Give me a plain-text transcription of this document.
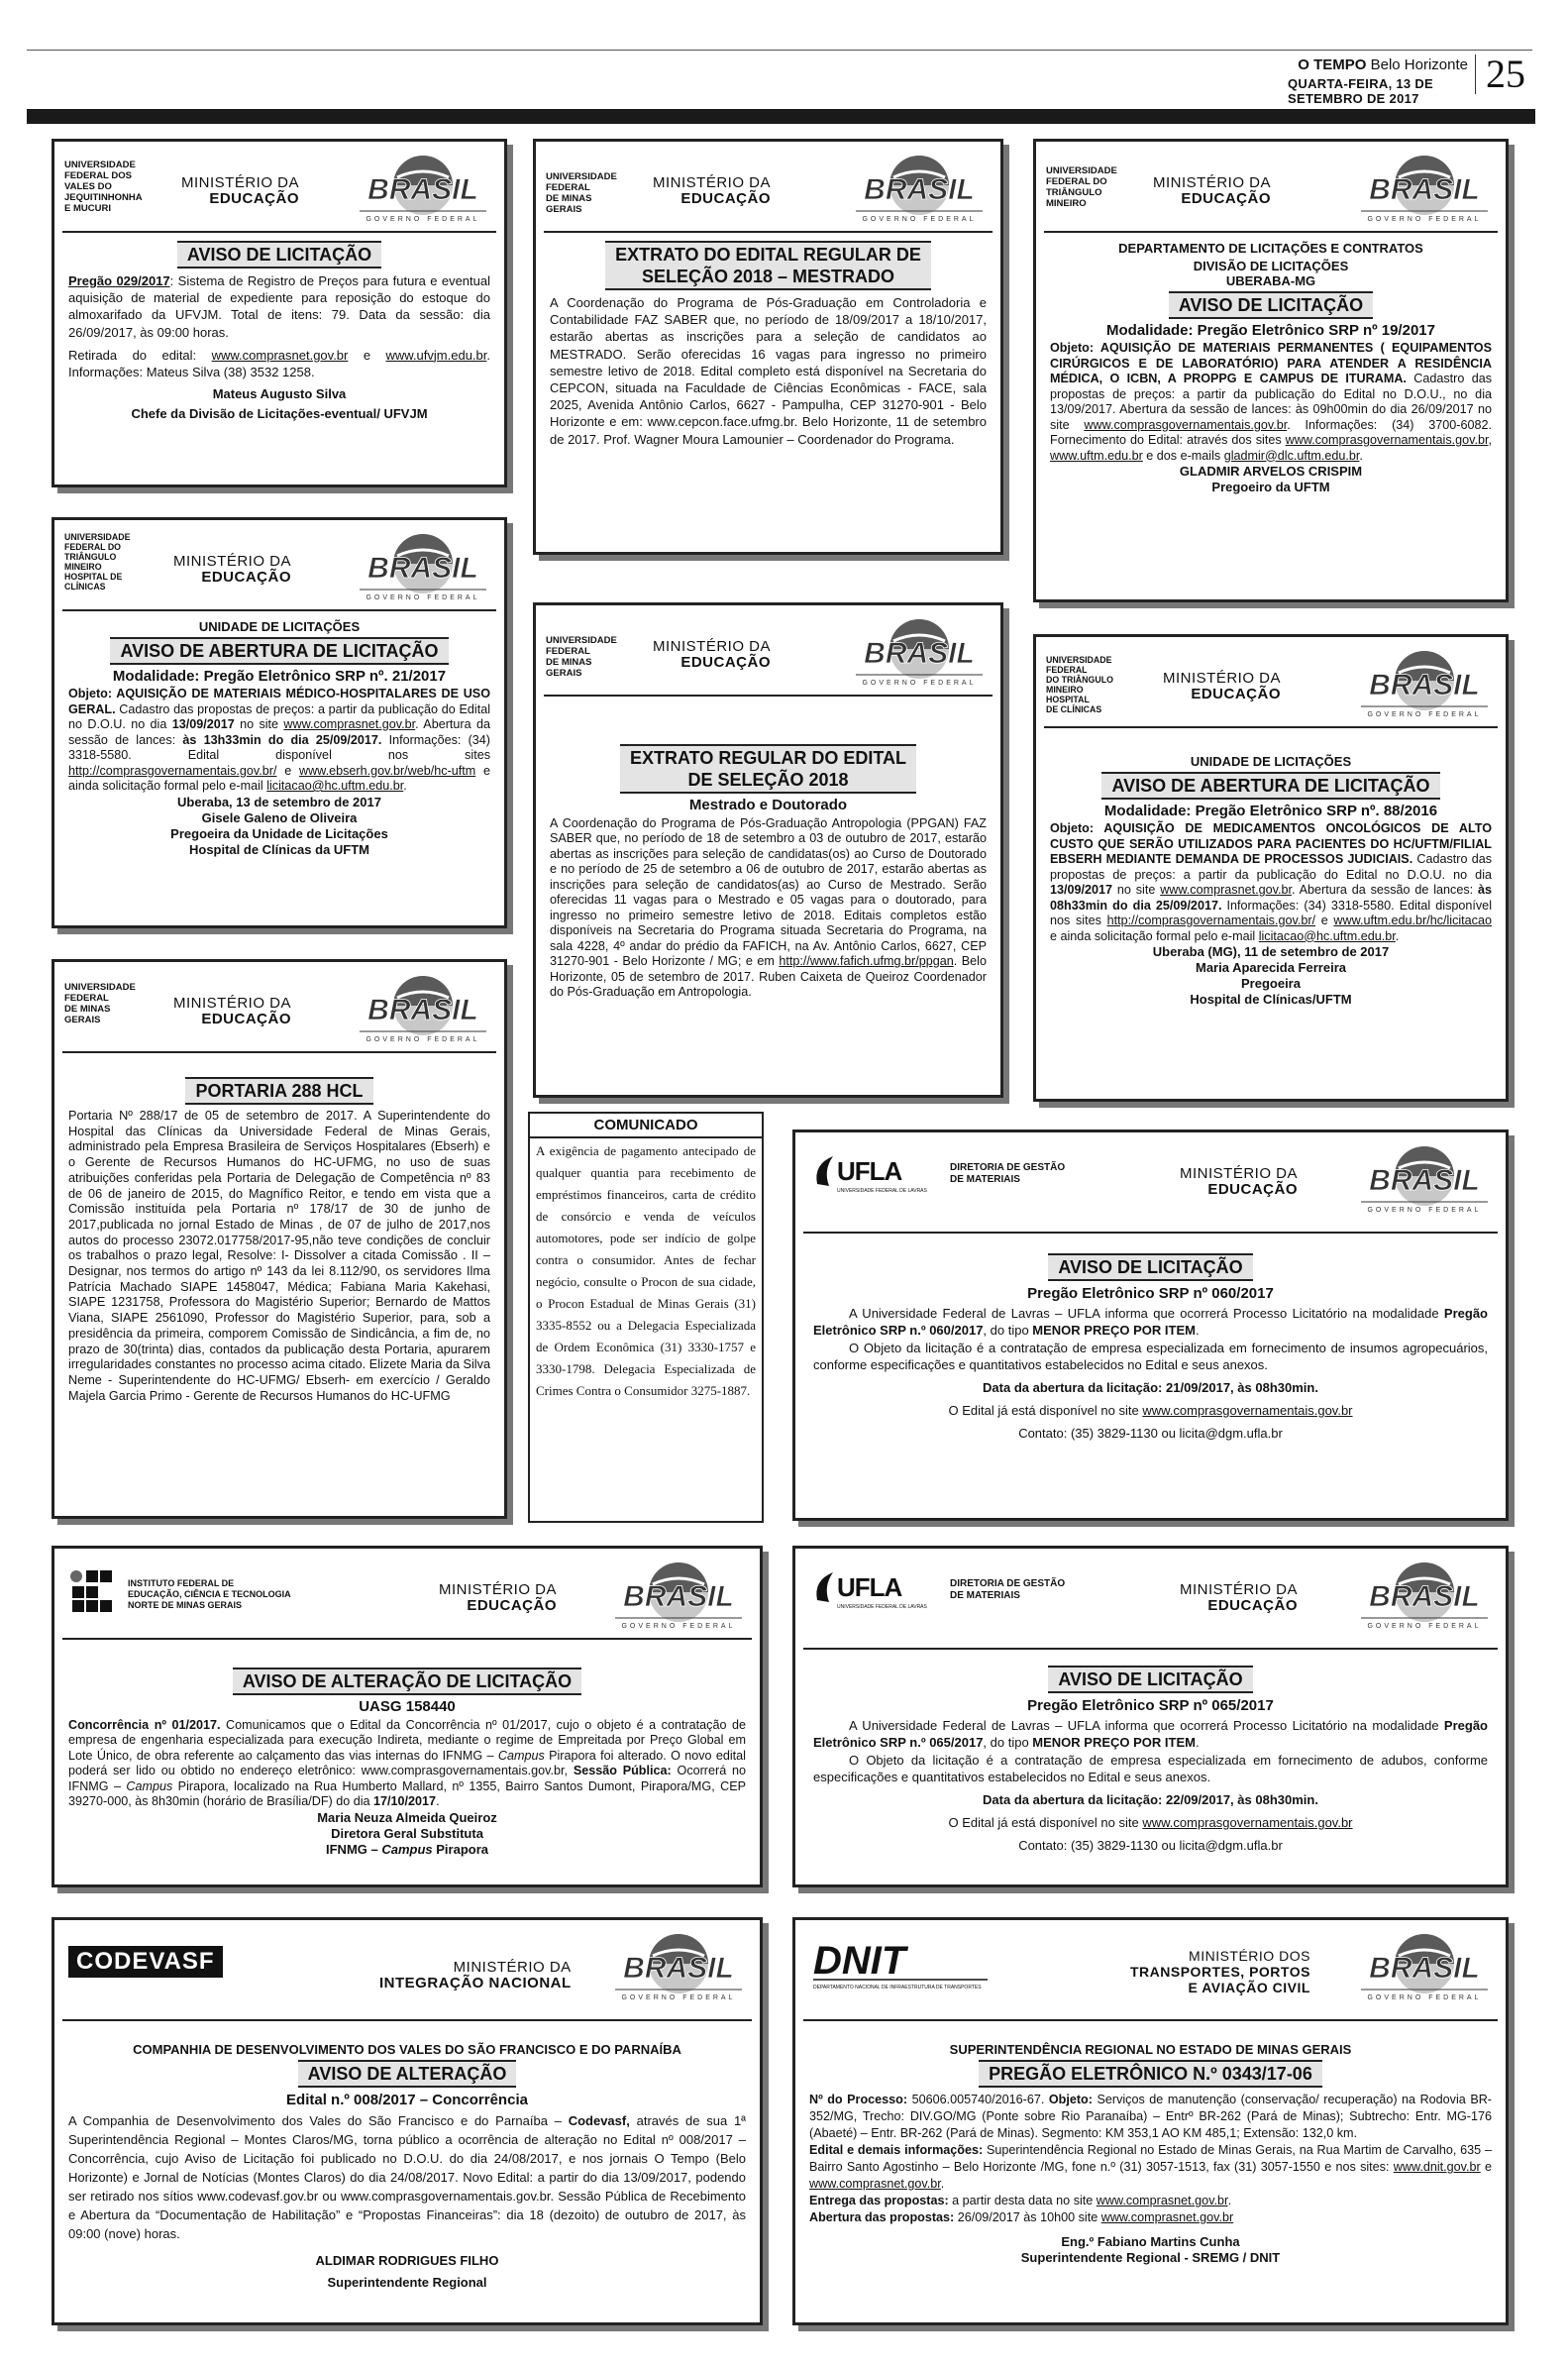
O TEMPO Belo Horizonte
QUARTA-FEIRA, 13 DE SETEMBRO DE 2017
25
UNIVERSIDADE
FEDERAL DOS
VALES DO
JEQUITINHONHA
E MUCURI
MINISTÉRIO DA
EDUCAÇÃO
AVISO DE LICITAÇÃO
Pregão 029/2017: Sistema de Registro de Preços para futura e eventual aquisição de material de expediente para reposição do estoque do almoxarifado da UFVJM. Total de itens: 79. Data da sessão: dia 26/09/2017, às 09:00 horas.
Retirada do edital: www.comprasnet.gov.br e www.ufvjm.edu.br. Informações: Mateus Silva (38) 3532 1258.
Mateus Augusto Silva
Chefe da Divisão de Licitações-eventual/ UFVJM
UNIVERSIDADE
FEDERAL
DE MINAS
GERAIS
MINISTÉRIO DA
EDUCAÇÃO
EXTRATO DO EDITAL REGULAR DE
SELEÇÃO 2018 – MESTRADO
A Coordenação do Programa de Pós-Graduação em Controladoria e Contabilidade FAZ SABER que, no período de 18/09/2017 a 18/10/2017, estarão abertas as inscrições para a seleção de candidatos ao MESTRADO. Serão oferecidas 16 vagas para ingresso no primeiro semestre letivo de 2018. Edital completo está disponível na Secretaria do CEPCON, situada na Faculdade de Ciências Econômicas - FACE, sala 2025, Avenida Antônio Carlos, 6627 - Pampulha, CEP 31270-901 - Belo Horizonte e em: www.cepcon.face.ufmg.br. Belo Horizonte, 11 de setembro de 2017. Prof. Wagner Moura Lamounier – Coordenador do Programa.
UNIVERSIDADE
FEDERAL DO
TRIÂNGULO
MINEIRO
MINISTÉRIO DA
EDUCAÇÃO
DEPARTAMENTO DE LICITAÇÕES E CONTRATOS
DIVISÃO DE LICITAÇÕES
UBERABA-MG
AVISO DE LICITAÇÃO
Modalidade: Pregão Eletrônico SRP nº 19/2017
Objeto: AQUISIÇÃO DE MATERIAIS PERMANENTES ( EQUIPAMENTOS CIRÚRGICOS E DE LABORATÓRIO) PARA ATENDER A RESIDÊNCIA MÉDICA, O ICBN, A PROPPG E CAMPUS DE ITURAMA. Cadastro das propostas de preços: a partir da publicação do Edital no D.O.U., no dia 13/09/2017. Abertura da sessão de lances: às 09h00min do dia 26/09/2017 no site www.comprasgovernamentais.gov.br. Informações: (34) 3700-6082. Fornecimento do Edital: através dos sites www.comprasgovernamentais.gov.br, www.uftm.edu.br e dos e-mails gladmir@dlc.uftm.edu.br.
GLADMIR ARVELOS CRISPIM
Pregoeiro da UFTM
UNIVERSIDADE
FEDERAL DO
TRIÂNGULO
MINEIRO
HOSPITAL DE
CLÍNICAS
MINISTÉRIO DA
EDUCAÇÃO
UNIDADE DE LICITAÇÕES
AVISO DE ABERTURA DE LICITAÇÃO
Modalidade: Pregão Eletrônico SRP nº. 21/2017
Objeto: AQUISIÇÃO DE MATERIAIS MÉDICO-HOSPITALARES DE USO GERAL. Cadastro das propostas de preços: a partir da publicação do Edital no D.O.U. no dia 13/09/2017 no site www.comprasnet.gov.br. Abertura da sessão de lances: às 13h33min do dia 25/09/2017. Informações: (34) 3318-5580. Edital disponível nos sites http://comprasgovernamentais.gov.br/ e www.ebserh.gov.br/web/hc-uftm e ainda solicitação formal pelo e-mail licitacao@hc.uftm.edu.br.
Uberaba, 13 de setembro de 2017
Gisele Galeno de Oliveira
Pregoeira da Unidade de Licitações
Hospital de Clínicas da UFTM
UNIVERSIDADE
FEDERAL
DE MINAS
GERAIS
MINISTÉRIO DA
EDUCAÇÃO
EXTRATO REGULAR DO EDITAL
DE SELEÇÃO 2018
Mestrado e Doutorado
A Coordenação do Programa de Pós-Graduação Antropologia (PPGAN) FAZ SABER que, no período de 18 de setembro a 03 de outubro de 2017, estarão abertas as inscrições para seleção de candidatas(os) ao Curso de Doutorado e no período de 25 de setembro a 06 de outubro de 2017, estarão abertas as inscrições para seleção de candidatos(as) ao Curso de Mestrado. Serão oferecidas 11 vagas para o Mestrado e 05 vagas para o doutorado, para ingresso no primeiro semestre letivo de 2018. Editais completos estão disponíveis na Secretaria do Programa situada Secretaria do Programa, na sala 4228, 4º andar do prédio da FAFICH, na Av. Antônio Carlos, 6627, CEP 31270-901 - Belo Horizonte / MG; e em http://www.fafich.ufmg.br/ppgan. Belo Horizonte, 05 de setembro de 2017. Ruben Caixeta de Queiroz Coordenador do Pós-Graduação em Antropologia.
UNIVERSIDADE
FEDERAL
DO TRIÂNGULO
MINEIRO
HOSPITAL
DE CLÍNICAS
MINISTÉRIO DA
EDUCAÇÃO
UNIDADE DE LICITAÇÕES
AVISO DE ABERTURA DE LICITAÇÃO
Modalidade: Pregão Eletrônico SRP nº. 88/2016
Objeto: AQUISIÇÃO DE MEDICAMENTOS ONCOLÓGICOS DE ALTO CUSTO QUE SERÃO UTILIZADOS PARA PACIENTES DO HC/UFTM/FILIAL EBSERH MEDIANTE DEMANDA DE PROCESSOS JUDICIAIS. Cadastro das propostas de preços: a partir da publicação do Edital no D.O.U. no dia 13/09/2017 no site www.comprasnet.gov.br. Abertura da sessão de lances: às 08h33min do dia 25/09/2017. Informações: (34) 3318-5580. Edital disponível nos sites http://comprasgovernamentais.gov.br/ e www.uftm.edu.br/hc/licitacao e ainda solicitação formal pelo e-mail licitacao@hc.uftm.edu.br.
Uberaba (MG), 11 de setembro de 2017
Maria Aparecida Ferreira
Pregoeira
Hospital de Clínicas/UFTM
UNIVERSIDADE
FEDERAL
DE MINAS
GERAIS
MINISTÉRIO DA
EDUCAÇÃO
PORTARIA 288 HCL
Portaria Nº 288/17 de 05 de setembro de 2017. A Superintendente do Hospital das Clínicas da Universidade Federal de Minas Gerais, administrado pela Empresa Brasileira de Serviços Hospitalares (Ebserh) e o Gerente de Recursos Humanos do HC-UFMG, no uso de suas atribuições conferidas pela Portaria de Delegação de Competência nº 83 de 06 de janeiro de 2015, do Magnífico Reitor, e tendo em vista que a Comissão instituída pela Portaria nº 178/17 de 30 de junho de 2017,publicada no jornal Estado de Minas , de 07 de julho de 2017,nos autos do processo 23072.017758/2017-95,não teve condições de concluir os trabalhos o prazo legal, Resolve: I- Dissolver a citada Comissão . II – Designar, nos termos do artigo nº 143 da lei 8.112/90, os servidores Ilma Patrícia Machado SIAPE 1458047, Médica; Fabiana Maria Kakehasi, SIAPE 1231758, Professora do Magistério Superior; Bernardo de Mattos Viana, SIAPE 2561090, Professor do Magistério Superior, para, sob a presidência da primeira, comporem Comissão de Sindicância, a fim de, no prazo de 30(trinta) dias, contados da publicação desta Portaria, apurarem irregularidades constantes no processo acima citado. Elizete Maria da Silva Neme - Superintendente do HC-UFMG/ Ebserh- em exercício / Geraldo Majela Garcia Primo - Gerente de Recursos Humanos do HC-UFMG
COMUNICADO
A exigência de pagamento antecipado de qualquer quantia para recebimento de empréstimos financeiros, carta de crédito de consórcio e venda de veículos automotores, pode ser indício de golpe contra o consumidor. Antes de fechar negócio, consulte o Procon de sua cidade, o Procon Estadual de Minas Gerais (31) 3335-8552 ou a Delegacia Especializada de Ordem Econômica (31) 3330-1757 e 3330-1798. Delegacia Especializada de Crimes Contra o Consumidor 3275-1887.
UFLA
UNIVERSIDADE FEDERAL DE LAVRAS
DIRETORIA DE GESTÃO
DE MATERIAIS	MINISTÉRIO DA
EDUCAÇÃO
AVISO DE LICITAÇÃO
Pregão Eletrônico SRP nº 060/2017
A Universidade Federal de Lavras – UFLA informa que ocorrerá Processo Licitatório na modalidade Pregão Eletrônico SRP n.º 060/2017, do tipo MENOR PREÇO POR ITEM.
O Objeto da licitação é a contratação de empresa especializada em fornecimento de insumos agropecuários, conforme especificações e quantitativos estabelecidos no Edital e seus anexos.
Data da abertura da licitação: 21/09/2017, às 08h30min.
O Edital já está disponível no site www.comprasgovernamentais.gov.br
Contato: (35) 3829-1130 ou licita@dgm.ufla.br
INSTITUTO FEDERAL DE
EDUCAÇÃO, CIÊNCIA E TECNOLOGIA
NORTE DE MINAS GERAIS
MINISTÉRIO DA
EDUCAÇÃO
AVISO DE ALTERAÇÃO DE LICITAÇÃO
UASG 158440
Concorrência nº 01/2017. Comunicamos que o Edital da Concorrência nº 01/2017, cujo o objeto é a contratação de empresa de engenharia especializada para execução Indireta, mediante o regime de Empreitada por Preço Global em Lote Único, de obra referente ao calçamento das vias internas do IFNMG – Campus Pirapora foi alterado. O novo edital poderá ser lido ou obtido no endereço eletrônico: www.comprasgovernamentais.gov.br, Sessão Pública: Ocorrerá no IFNMG – Campus Pirapora, localizado na Rua Humberto Mallard, nº 1355, Bairro Santos Dumont, Pirapora/MG, CEP 39270-000, às 8h30min (horário de Brasília/DF) do dia 17/10/2017.
Maria Neuza Almeida Queiroz
Diretora Geral Substituta
IFNMG – Campus Pirapora
UFLA
UNIVERSIDADE FEDERAL DE LAVRAS
DIRETORIA DE GESTÃO
DE MATERIAIS	MINISTÉRIO DA
EDUCAÇÃO
AVISO DE LICITAÇÃO
Pregão Eletrônico SRP nº 065/2017
A Universidade Federal de Lavras – UFLA informa que ocorrerá Processo Licitatório na modalidade Pregão Eletrônico SRP n.º 065/2017, do tipo MENOR PREÇO POR ITEM.
O Objeto da licitação é a contratação de empresa especializada em fornecimento de adubos, conforme especificações e quantitativos estabelecidos no Edital e seus anexos.
Data da abertura da licitação: 22/09/2017, às 08h30min.
O Edital já está disponível no site www.comprasgovernamentais.gov.br
Contato: (35) 3829-1130 ou licita@dgm.ufla.br
CODEVASF	MINISTÉRIO DA
INTEGRAÇÃO NACIONAL
COMPANHIA DE DESENVOLVIMENTO DOS VALES DO SÃO FRANCISCO E DO PARNAÍBA
AVISO DE ALTERAÇÃO
Edital n.º 008/2017 – Concorrência
A Companhia de Desenvolvimento dos Vales do São Francisco e do Parnaíba – Codevasf, através de sua 1ª Superintendência Regional – Montes Claros/MG, torna público a ocorrência de alteração no Edital nº 008/2017 – Concorrência, cujo Aviso de Licitação foi publicado no D.O.U. do dia 24/08/2017, e nos jornais O Tempo (Belo Horizonte) e Jornal de Notícias (Montes Claros) do dia 24/08/2017. Novo Edital: a partir do dia 13/09/2017, podendo ser retirado nos sítios www.codevasf.gov.br ou www.comprasgovernamentais.gov.br. Sessão Pública de Recebimento e Abertura da “Documentação de Habilitação” e “Propostas Financeiras”: dia 18 (dezoito) de outubro de 2017, às 09:00 (nove) horas.
ALDIMAR RODRIGUES FILHO
Superintendente Regional
DNIT
DEPARTAMENTO NACIONAL DE INFRAESTRUTURA DE TRANSPORTES
MINISTÉRIO DOS
TRANSPORTES, PORTOS
E AVIAÇÃO CIVIL
SUPERINTENDÊNCIA REGIONAL NO ESTADO DE MINAS GERAIS
PREGÃO ELETRÔNICO N.º 0343/17-06
Nº do Processo: 50606.005740/2016-67. Objeto: Serviços de manutenção (conservação/ recuperação) na Rodovia BR-352/MG, Trecho: DIV.GO/MG (Ponte sobre Rio Paranaíba) – Entrº BR-262 (Pará de Minas); Subtrecho: Entr. MG-176 (Abaeté) – Entr. BR-262 (Pará de Minas). Segmento: KM 353,1 AO KM 485,1; Extensão: 132,0 km.
Edital e demais informações: Superintendência Regional no Estado de Minas Gerais, na Rua Martim de Carvalho, 635 – Bairro Santo Agostinho – Belo Horizonte /MG, fone n.º (31) 3057-1513, fax (31) 3057-1550 e nos sites: www.dnit.gov.br e www.comprasnet.gov.br.
Entrega das propostas: a partir desta data no site www.comprasnet.gov.br.
Abertura das propostas: 26/09/2017 às 10h00 site www.comprasnet.gov.br
Eng.º Fabiano Martins Cunha
Superintendente Regional - SREMG / DNIT
